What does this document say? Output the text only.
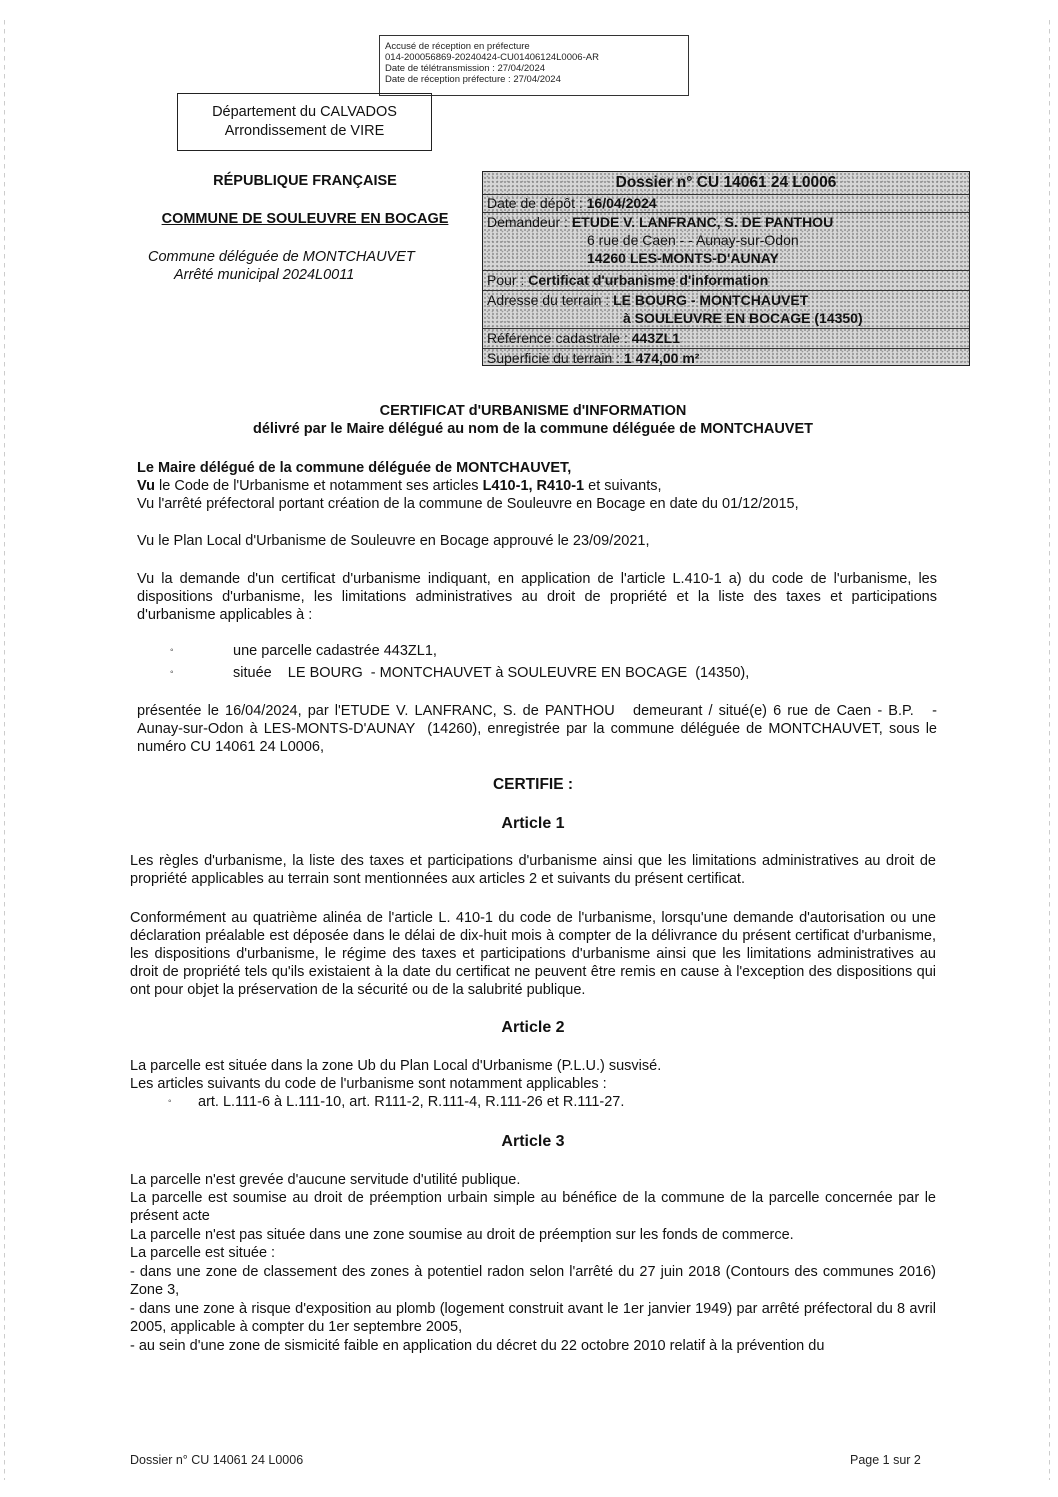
Accusé de réception en préfecture
014-200056869-20240424-CU01406124L0006-AR
Date de télétransmission : 27/04/2024
Date de réception préfecture : 27/04/2024
Département du CALVADOS
Arrondissement de VIRE
RÉPUBLIQUE FRANÇAISE
COMMUNE DE SOULEUVRE EN BOCAGE
Commune déléguée de MONTCHAUVET
Arrêté municipal 2024L0011
Dossier n° CU 14061 24 L0006
Date de dépôt : 16/04/2024
Demandeur : ETUDE V. LANFRANC, S. DE PANTHOU
6 rue de Caen - - Aunay-sur-Odon
14260 LES-MONTS-D'AUNAY
Pour : Certificat d'urbanisme d'information
Adresse du terrain : LE BOURG - MONTCHAUVET
à SOULEUVRE EN BOCAGE (14350)
Référence cadastrale : 443ZL1
Superficie du terrain : 1 474,00 m²
CERTIFICAT d'URBANISME d'INFORMATION
délivré par le Maire délégué au nom de la commune déléguée de MONTCHAUVET
Le Maire délégué de la commune déléguée de MONTCHAUVET,
Vu le Code de l'Urbanisme et notamment ses articles L410-1, R410-1 et suivants,
Vu l'arrêté préfectoral portant création de la commune de Souleuvre en Bocage en date du 01/12/2015,
Vu le Plan Local d'Urbanisme de Souleuvre en Bocage approuvé le 23/09/2021,
Vu la demande d'un certificat d'urbanisme indiquant, en application de l'article L.410-1 a) du code de l'urbanisme, les dispositions d'urbanisme, les limitations administratives au droit de propriété et la liste des taxes et participations d'urbanisme applicables à :
◦	une parcelle cadastrée 443ZL1,
◦	située    LE BOURG  - MONTCHAUVET à SOULEUVRE EN BOCAGE  (14350),
présentée le 16/04/2024, par l'ETUDE V. LANFRANC, S. de PANTHOU   demeurant / situé(e) 6 rue de Caen - B.P.   - Aunay-sur-Odon à LES-MONTS-D'AUNAY  (14260), enregistrée par la commune déléguée de MONTCHAUVET, sous le numéro CU 14061 24 L0006,
CERTIFIE :
Article 1
Les règles d'urbanisme, la liste des taxes et participations d'urbanisme ainsi que les limitations administratives au droit de propriété applicables au terrain sont mentionnées aux articles 2 et suivants du présent certificat.
Conformément au quatrième alinéa de l'article L. 410-1 du code de l'urbanisme, lorsqu'une demande d'autorisation ou une déclaration préalable est déposée dans le délai de dix-huit mois à compter de la délivrance du présent certificat d'urbanisme, les dispositions d'urbanisme, le régime des taxes et participations d'urbanisme ainsi que les limitations administratives au droit de propriété tels qu'ils existaient à la date du certificat ne peuvent être remis en cause à l'exception des dispositions qui ont pour objet la préservation de la sécurité ou de la salubrité publique.
Article 2
La parcelle est située dans la zone Ub du Plan Local d'Urbanisme (P.L.U.) susvisé.
Les articles suivants du code de l'urbanisme sont notamment applicables :
◦ art. L.111-6 à L.111-10, art. R111-2, R.111-4, R.111-26 et R.111-27.
Article 3
La parcelle n'est grevée d'aucune servitude d'utilité publique.
La parcelle est soumise au droit de préemption urbain simple au bénéfice de la commune de la parcelle concernée par le présent acte
La parcelle n'est pas située dans une zone soumise au droit de préemption sur les fonds de commerce.
La parcelle est située :
- dans une zone de classement des zones à potentiel radon selon l'arrêté du 27 juin 2018 (Contours des communes 2016) Zone 3,
- dans une zone à risque d'exposition au plomb (logement construit avant le 1er janvier 1949) par arrêté préfectoral du 8 avril 2005, applicable à compter du 1er septembre 2005,
- au sein d'une zone de sismicité faible en application du décret du 22 octobre 2010 relatif à la prévention du
Dossier n° CU 14061 24 L0006	Page 1 sur 2
